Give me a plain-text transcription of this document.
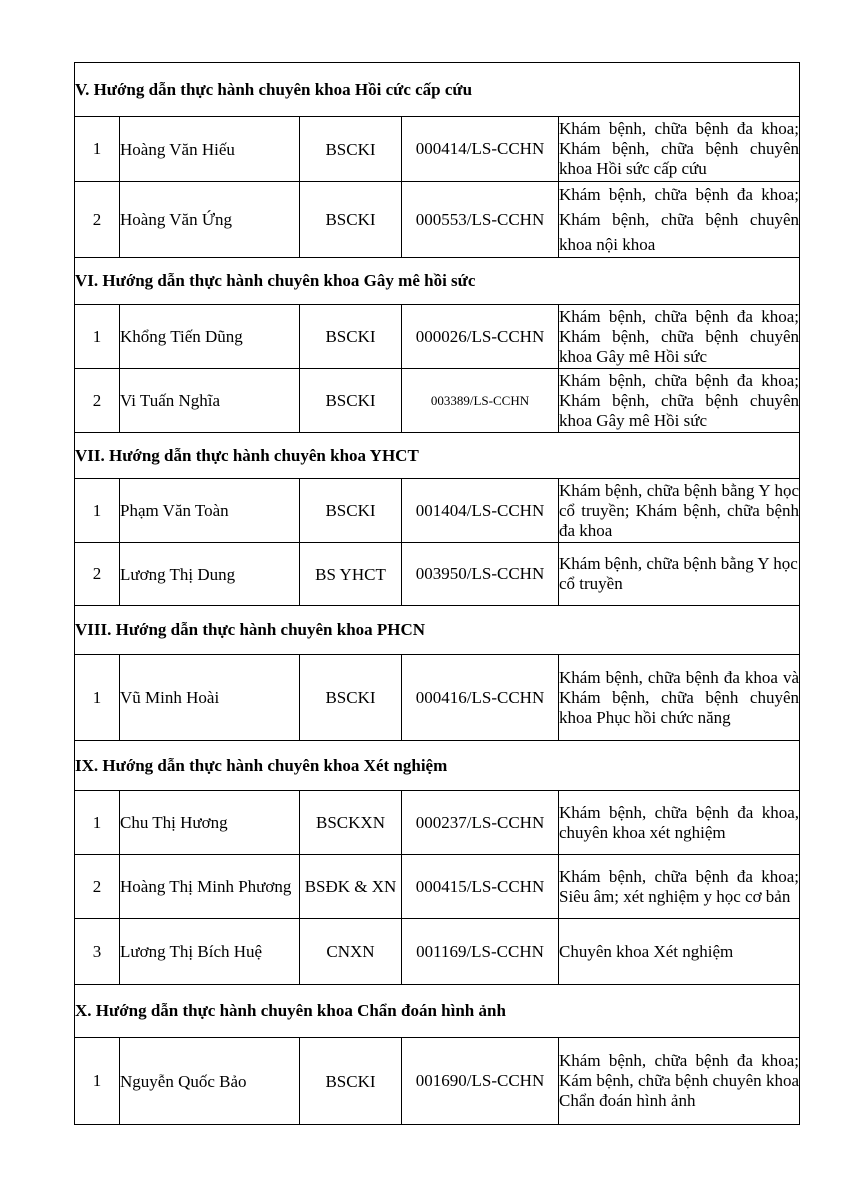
V. Hướng dẫn thực hành chuyên khoa Hồi cức cấp cứu				
1	Hoàng Văn Hiếu	BSCKI	000414/LS-CCHN	Khám bệnh, chữa bệnh đa khoa; Khám bệnh, chữa bệnh chuyên khoa Hồi sức cấp cứu
2	Hoàng Văn Ứng	BSCKI	000553/LS-CCHN	Khám bệnh, chữa bệnh đa khoa; Khám bệnh, chữa bệnh chuyên khoa nội khoa
VI. Hướng dẫn thực hành chuyên khoa Gây mê hồi sức				
1	Khổng Tiến Dũng	BSCKI	000026/LS-CCHN	Khám bệnh, chữa bệnh đa khoa; Khám bệnh, chữa bệnh chuyên khoa Gây mê Hồi sức
2	Vi Tuấn Nghĩa	BSCKI	003389/LS-CCHN	Khám bệnh, chữa bệnh đa khoa; Khám bệnh, chữa bệnh chuyên khoa Gây mê Hồi sức
VII. Hướng dẫn thực hành chuyên khoa YHCT				
1	Phạm Văn Toàn	BSCKI	001404/LS-CCHN	Khám bệnh, chữa bệnh bằng Y học cổ truyền; Khám bệnh, chữa bệnh đa khoa
2	Lương Thị Dung	BS YHCT	003950/LS-CCHN	Khám bệnh, chữa bệnh bằng Y học cổ truyền
VIII. Hướng dẫn thực hành chuyên khoa PHCN				
1	Vũ Minh Hoài	BSCKI	000416/LS-CCHN	Khám bệnh, chữa bệnh đa khoa và Khám bệnh, chữa bệnh chuyên khoa Phục hồi chức năng
IX. Hướng dẫn thực hành chuyên khoa Xét nghiệm				
1	Chu Thị Hương	BSCKXN	000237/LS-CCHN	Khám bệnh, chữa bệnh đa khoa, chuyên khoa xét nghiệm
2	Hoàng Thị Minh Phương	BSĐK & XN	000415/LS-CCHN	Khám bệnh, chữa bệnh đa khoa; Siêu âm; xét nghiệm y học cơ bản
3	Lương Thị Bích Huệ	CNXN	001169/LS-CCHN	Chuyên khoa Xét nghiệm
X. Hướng dẫn thực hành chuyên khoa Chẩn đoán hình ảnh				
1	Nguyễn Quốc Bảo	BSCKI	001690/LS-CCHN	Khám bệnh, chữa bệnh đa khoa; Kám bệnh, chữa bệnh chuyên khoa Chẩn đoán hình ảnh
